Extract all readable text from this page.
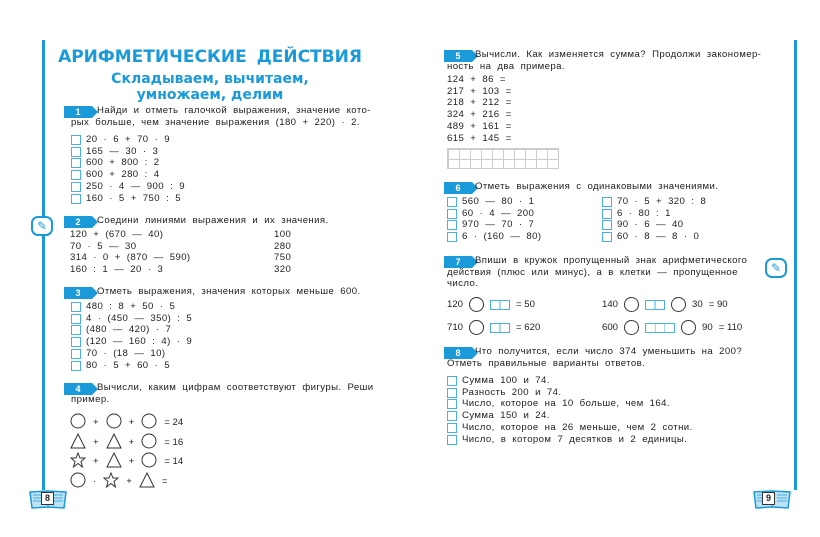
АРИФМЕТИЧЕСКИЕ ДЕЙСТВИЯ
Складываем, вычитаем,
умножаем, делим
✎
✎
8	9
1	Найди и отметь галочкой выражения, значение кото-
рых больше, чем значение выражения (180 + 220) · 2.
20 · 6 + 70 · 9
165 — 30 · 3
600 + 800 : 2
600 + 280 : 4
250 · 4 — 900 : 9
160 · 5 + 750 : 5
2	Соедини линиями выражения и их значения.
120 + (670 — 40)	100
70 · 5 — 30	280
314 · 0 + (870 — 590)	750
160 : 1 — 20 · 3	320
3	Отметь выражения, значения которых меньше 600.
480 : 8 + 50 · 5
4 · (450 — 350) : 5
(480 — 420) · 7
(120 — 160 : 4) · 9
70 · (18 — 10)
80 · 5 + 60 · 5
4	Вычисли, каким цифрам соответствуют фигуры. Реши
пример.
+	+	= 24
+	+	= 16
+	+	= 14
·	+	=
5	Вычисли. Как изменяется сумма? Продолжи закономер-
ность на два примера.
124 + 86 =
217 + 103 =
218 + 212 =
324 + 216 =
489 + 161 =
615 + 145 =
6	Отметь выражения с одинаковыми значениями.
560 — 80 · 1
60 · 4 — 200
970 — 70 · 7
6 · (160 — 80)
70 · 5 + 320 : 8
6 · 80 : 1
90 · 6 — 40
60 · 8 — 8 · 0
7	Впиши в кружок пропущенный знак арифметического
действия (плюс или минус), а в клетки — пропущенное
число.
120	= 50	140	30 = 90
710	= 620	600	90 = 110
8	Что получится, если число 374 уменьшить на 200?
Отметь правильные варианты ответов.
Сумма 100 и 74.
Разность 200 и 74.
Число, которое на 10 больше, чем 164.
Сумма 150 и 24.
Число, которое на 26 меньше, чем 2 сотни.
Число, в котором 7 десятков и 2 единицы.
